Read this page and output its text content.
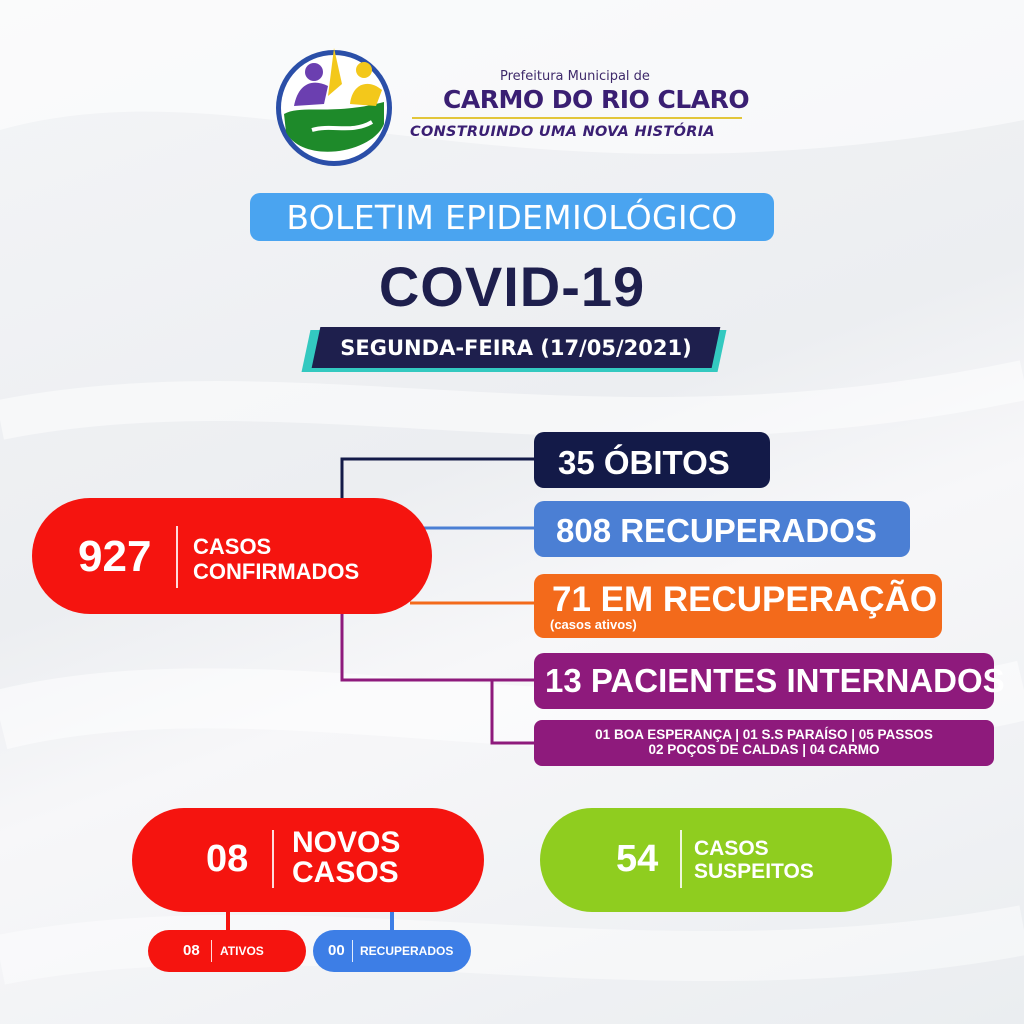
Prefeitura Municipal de
CARMO DO RIO CLARO
CONSTRUINDO UMA NOVA HISTÓRIA
BOLETIM EPIDEMIOLÓGICO
COVID-19
SEGUNDA-FEIRA (17/05/2021)
927 CASOS
CONFIRMADOS
35 ÓBITOS
808 RECUPERADOS
71 EM RECUPERAÇÃO
(casos ativos)
13 PACIENTES INTERNADOS
01 BOA ESPERANÇA | 01 S.S PARAÍSO | 05 PASSOS
02 POÇOS DE CALDAS | 04 CARMO
08 NOVOS
CASOS
08 ATIVOS	00 RECUPERADOS
54 CASOS
SUSPEITOS
